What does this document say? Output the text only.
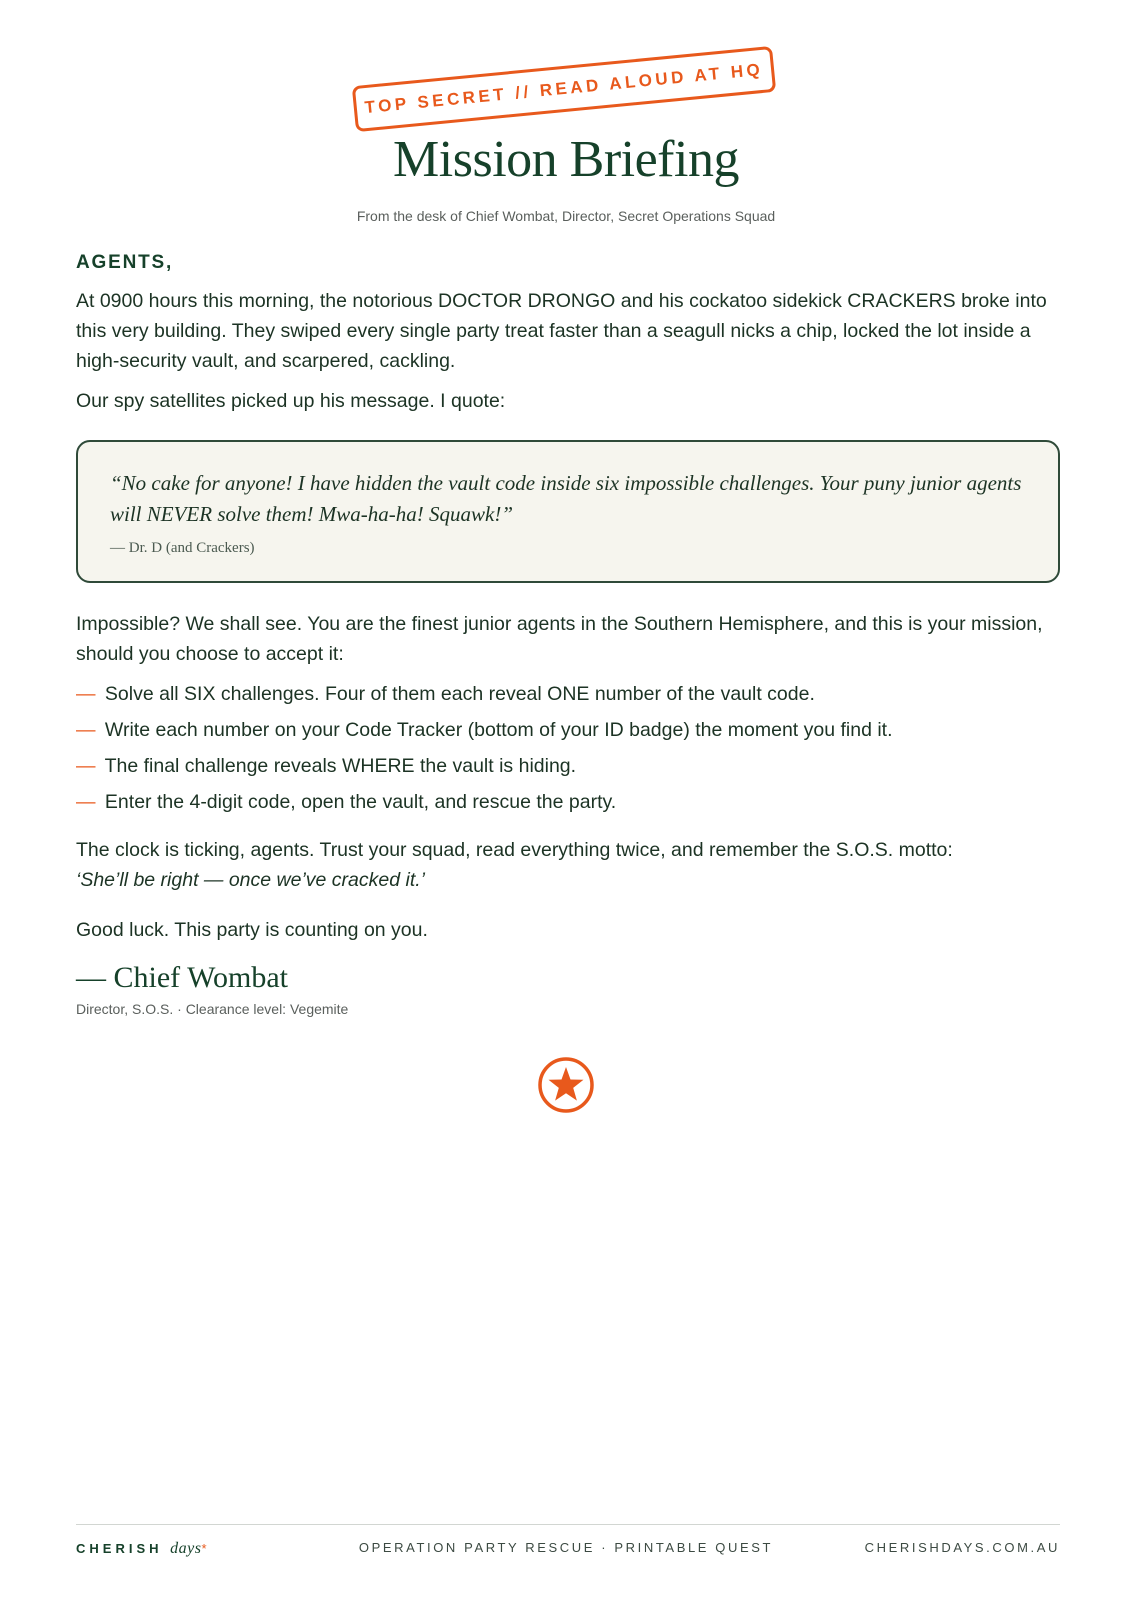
TOP SECRET // READ ALOUD AT HQ
Mission Briefing
From the desk of Chief Wombat, Director, Secret Operations Squad
AGENTS,

At 0900 hours this morning, the notorious DOCTOR DRONGO and his cockatoo sidekick CRACKERS broke into this very building. They swiped every single party treat faster than a seagull nicks a chip, locked the lot inside a high-security vault, and scarpered, cackling.

Our spy satellites picked up his message. I quote:

“No cake for anyone! I have hidden the vault code inside six impossible challenges. Your puny junior agents will NEVER solve them! Mwa-ha-ha! Squawk!”

— Dr. D (and Crackers)

Impossible? We shall see. You are the finest junior agents in the Southern Hemisphere, and this is your mission, should you choose to accept it:

— Solve all SIX challenges. Four of them each reveal ONE number of the vault code.
— Write each number on your Code Tracker (bottom of your ID badge) the moment you find it.
— The final challenge reveals WHERE the vault is hiding.
— Enter the 4-digit code, open the vault, and rescue the party.

The clock is ticking, agents. Trust your squad, read everything twice, and remember the S.O.S. motto:
‘She’ll be right — once we’ve cracked it.’

Good luck. This party is counting on you.

— Chief Wombat
Director, S.O.S. · Clearance level: Vegemite
CHERISH days*	OPERATION PARTY RESCUE · PRINTABLE QUEST	CHERISHDAYS.COM.AU
